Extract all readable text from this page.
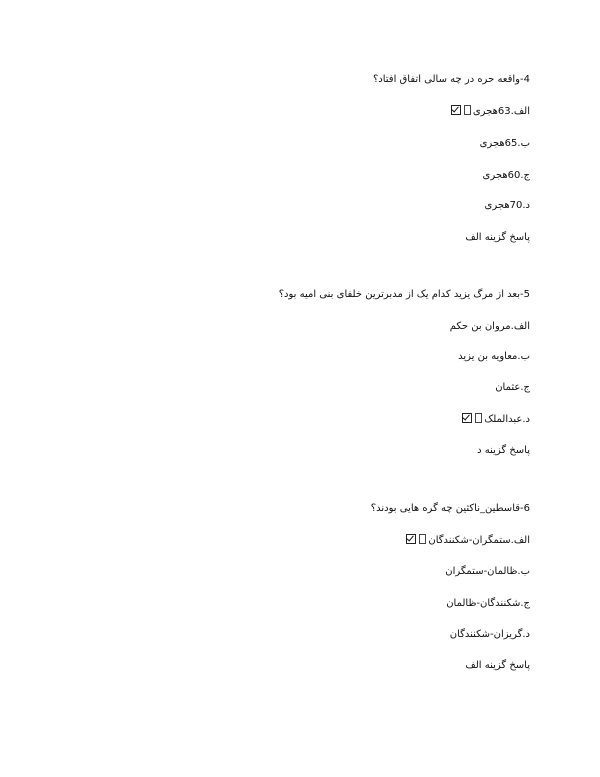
4-واقعه حره در چه سالی اتفاق افتاد؟
الف.63هجری
ب.65هجری
ج.60هجری
د.70هجری
پاسخ گزینه الف
5-بعد از مرگ یزید کدام یک از مدبرترین خلفای بنی امیه بود؟
الف.مروان بن حکم
ب.معاویه بن یزید
ج.عثمان
د.عبدالملک
پاسخ گزینه د
6-قاسطین_ناکثین چه گره هایی بودند؟
الف.ستمگران-شکنندگان
ب.ظالمان-ستمگران
ج.شکنندگان-ظالمان
د.گریزان-شکنندگان
پاسخ گزینه الف
